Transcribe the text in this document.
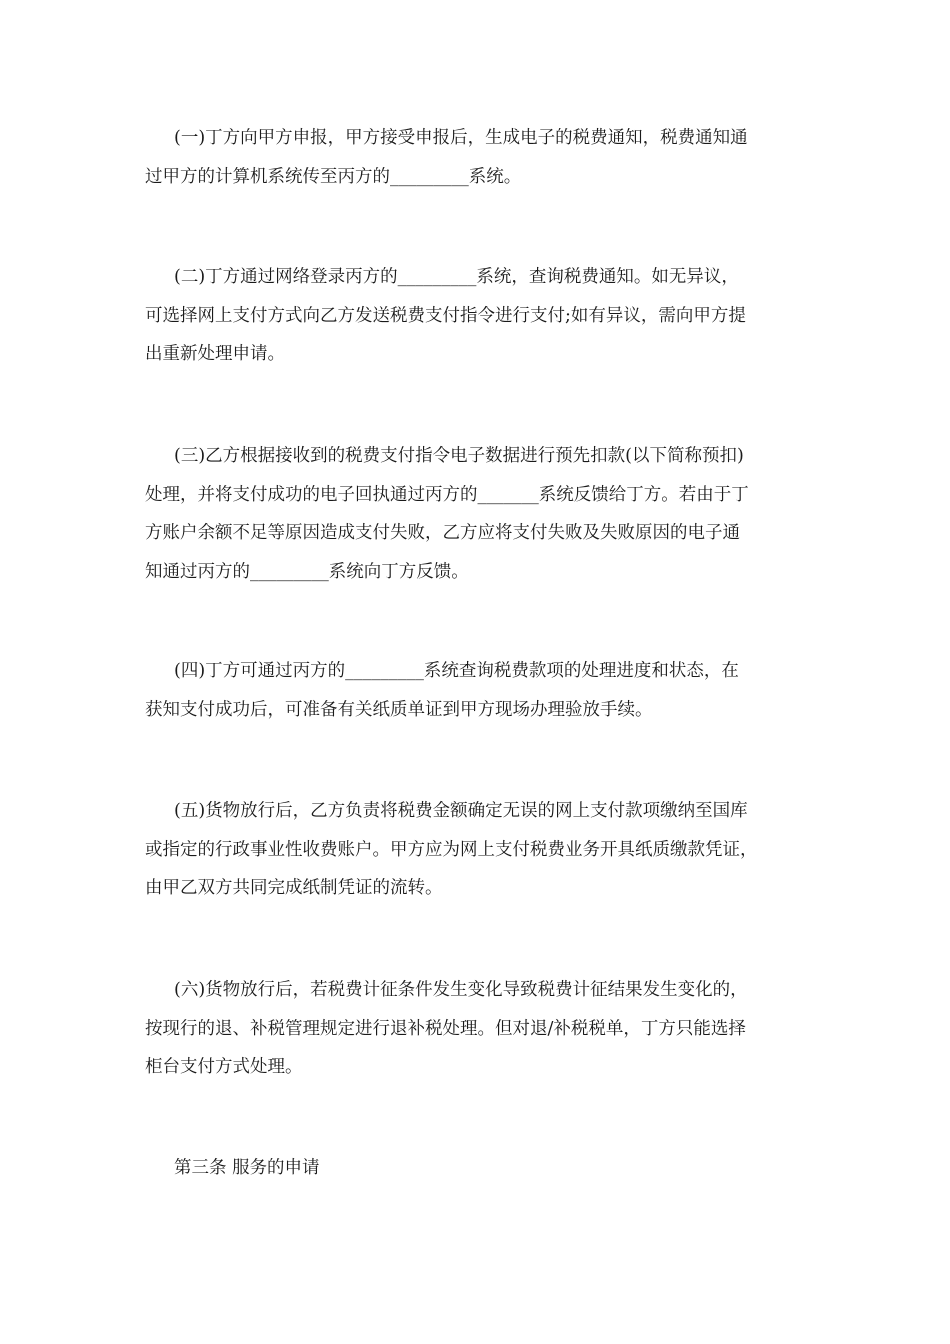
(一)丁方向甲方申报，甲方接受申报后，生成电子的税费通知，税费通知通
过甲方的计算机系统传至丙方的_________系统。

(二)丁方通过网络登录丙方的_________系统，查询税费通知。如无异议，
可选择网上支付方式向乙方发送税费支付指令进行支付;如有异议，需向甲方提
出重新处理申请。

(三)乙方根据接收到的税费支付指令电子数据进行预先扣款(以下简称预扣)
处理，并将支付成功的电子回执通过丙方的_______系统反馈给丁方。若由于丁
方账户余额不足等原因造成支付失败，乙方应将支付失败及失败原因的电子通
知通过丙方的_________系统向丁方反馈。

(四)丁方可通过丙方的_________系统查询税费款项的处理进度和状态，在
获知支付成功后，可准备有关纸质单证到甲方现场办理验放手续。

(五)货物放行后，乙方负责将税费金额确定无误的网上支付款项缴纳至国库
或指定的行政事业性收费账户。甲方应为网上支付税费业务开具纸质缴款凭证，
由甲乙双方共同完成纸制凭证的流转。

(六)货物放行后，若税费计征条件发生变化导致税费计征结果发生变化的，
按现行的退、补税管理规定进行退补税处理。但对退/补税税单，丁方只能选择
柜台支付方式处理。

第三条 服务的申请
